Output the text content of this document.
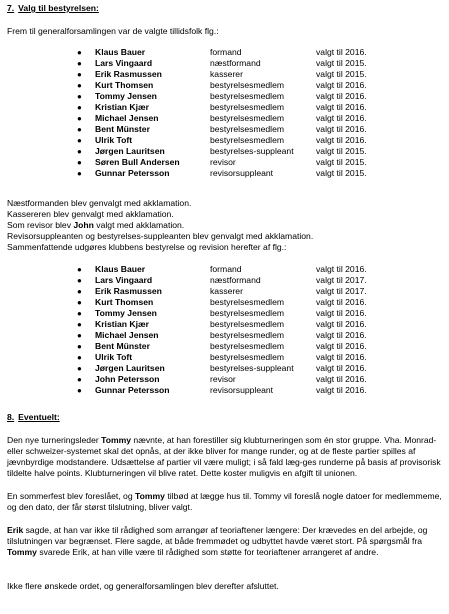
7. Valg til bestyrelsen:
Frem til generalforsamlingen var de valgte tillidsfolk flg.:
● Klaus Bauer	formand	valgt til 2016.
● Lars Vingaard	næstformand	valgt til 2015.
● Erik Rasmussen	kasserer	valgt til 2015.
● Kurt Thomsen	bestyrelsesmedlem	valgt til 2016.
● Tommy Jensen	bestyrelsesmedlem	valgt til 2016.
● Kristian Kjær	bestyrelsesmedlem	valgt til 2016.
● Michael Jensen	bestyrelsesmedlem	valgt til 2016.
● Bent Münster	bestyrelsesmedlem	valgt til 2016.
● Ulrik Toft	bestyrelsesmedlem	valgt til 2016.
● Jørgen Lauritsen	bestyrelses-suppleant	valgt til 2015.
● Søren Bull Andersen	revisor	valgt til 2015.
● Gunnar Petersson	revisorsuppleant	valgt til 2015.
Næstformanden blev genvalgt med akklamation.
Kassereren blev genvalgt med akklamation.
Som revisor blev John valgt med akklamation.
Revisorsuppleanten og bestyrelses-suppleanten blev genvalgt med akklamation.
Sammenfattende udgøres klubbens bestyrelse og revision herefter af flg.:
● Klaus Bauer	formand	valgt til 2016.
● Lars Vingaard	næstformand	valgt til 2017.
● Erik Rasmussen	kasserer	valgt til 2017.
● Kurt Thomsen	bestyrelsesmedlem	valgt til 2016.
● Tommy Jensen	bestyrelsesmedlem	valgt til 2016.
● Kristian Kjær	bestyrelsesmedlem	valgt til 2016.
● Michael Jensen	bestyrelsesmedlem	valgt til 2016.
● Bent Münster	bestyrelsesmedlem	valgt til 2016.
● Ulrik Toft	bestyrelsesmedlem	valgt til 2016.
● Jørgen Lauritsen	bestyrelses-suppleant	valgt til 2016.
● John Petersson	revisor	valgt til 2016.
● Gunnar Petersson	revisorsuppleant	valgt til 2016.
8. Eventuelt:

Den nye turneringsleder Tommy nævnte, at han forestiller sig klubturneringen som én stor gruppe. Vha. Monrad- eller schweizer-systemet skal det opnås, at der ikke bliver for mange runder, og at de fleste partier spilles af jævnbyrdige modstandere. Udsættelse af partier vil være muligt; i så fald læg-ges runderne på basis af provisorisk tildelte halve points. Klubturneringen vil blive ratet. Dette koster muligvis en afgift til unionen.

En sommerfest blev foreslået, og Tommy tilbød at lægge hus til. Tommy vil foreslå nogle datoer for medlemmeme, og den dato, der får størst tilslutning, bliver valgt.

Erik sagde, at han var ikke til rådighed som arrangør af teoriaftener længere: Der krævedes en del arbejde, og tilslutningen var begrænset. Flere sagde, at både fremmødet og udbyttet havde været stort. På spørgsmål fra Tommy svarede Erik, at han ville være til rådighed som støtte for teoriaftener arrangeret af andre.

Ikke flere ønskede ordet, og generalforsamlingen blev derefter afsluttet.
